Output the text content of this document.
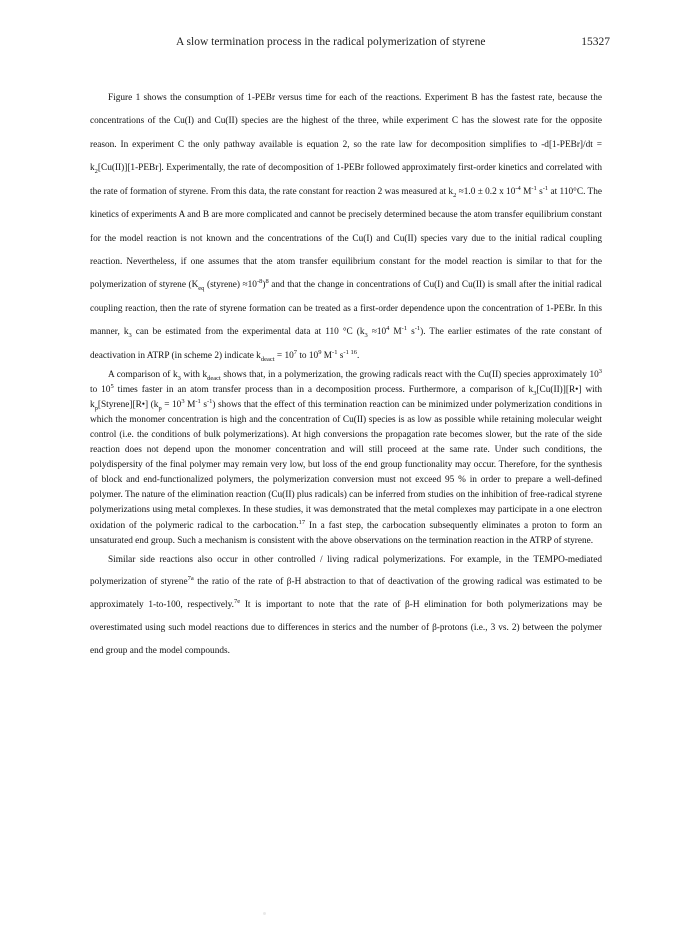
A slow termination process in the radical polymerization of styrene	15327

Figure 1 shows the consumption of 1-PEBr versus time for each of the reactions. Experiment B has the fastest rate, because the concentrations of the Cu(I) and Cu(II) species are the highest of the three, while experiment C has the slowest rate for the opposite reason. In experiment C the only pathway available is equation 2, so the rate law for decomposition simplifies to -d[1-PEBr]/dt = $k_2[Cu(II)][1-PEBr]$. Experimentally, the rate of decomposition of 1-PEBr followed approximately first-order kinetics and correlated with the rate of formation of styrene. From this data, the rate constant for reaction 2 was measured at $k_2 \approx 1.0 \pm 0.2$ x $10^{-4}$ $M^{-1}$ $s^{-1}$ at 110°C. The kinetics of experiments A and B are more complicated and cannot be precisely determined because the atom transfer equilibrium constant for the model reaction is not known and the concentrations of the Cu(I) and Cu(II) species vary due to the initial radical coupling reaction. Nevertheless, if one assumes that the atom transfer equilibrium constant for the model reaction is similar to that for the polymerization of styrene ($K_{eq}$ (styrene) $\approx 10^{-8})^8$ and that the change in concentrations of Cu(I) and Cu(II) is small after the initial radical coupling reaction, then the rate of styrene formation can be treated as a first-order dependence upon the concentration of 1-PEBr. In this manner, $k_3$ can be estimated from the experimental data at 110 °C ($k_3 \approx 10^4$ $M^{-1}$ $s^{-1}$). The earlier estimates of the rate constant of deactivation in ATRP (in scheme 2) indicate $k_{deact} = 10^7$ to $10^9$ $M^{-1}$ $s^{-1 16}$.

A comparison of $k_3$ with $k_{deact}$ shows that, in a polymerization, the growing radicals react with the Cu(II) species approximately $10^3$ to $10^5$ times faster in an atom transfer process than in a decomposition process. Furthermore, a comparison of $k_3[Cu(II)][R•]$ with $k_p[Styrene][R•] (k_p = 10^3$ $M^{-1}$ $s^{-1}$) shows that the effect of this termination reaction can be minimized under polymerization conditions in which the monomer concentration is high and the concentration of Cu(II) species is as low as possible while retaining molecular weight control (i.e. the conditions of bulk polymerizations). At high conversions the propagation rate becomes slower, but the rate of the side reaction does not depend upon the monomer concentration and will still proceed at the same rate. Under such conditions, the polydispersity of the final polymer may remain very low, but loss of the end group functionality may occur. Therefore, for the synthesis of block and end-functionalized polymers, the polymerization conversion must not exceed 95 % in order to prepare a well-defined polymer. The nature of the elimination reaction (Cu(II) plus radicals) can be inferred from studies on the inhibition of free-radical styrene polymerizations using metal complexes. In these studies, it was demonstrated that the metal complexes may participate in a one electron oxidation of the polymeric radical to the carbocation.$^{17}$ In a fast step, the carbocation subsequently eliminates a proton to form an unsaturated end group. Such a mechanism is consistent with the above observations on the termination reaction in the ATRP of styrene.

Similar side reactions also occur in other controlled / living radical polymerizations. For example, in the TEMPO-mediated polymerization of styrene$^{7a}$ the ratio of the rate of β-H abstraction to that of deactivation of the growing radical was estimated to be approximately 1-to-100, respectively.$^{7e}$ It is important to note that the rate of β-H elimination for both polymerizations may be overestimated using such model reactions due to differences in sterics and the number of β-protons (i.e., 3 vs. 2) between the polymer end group and the model compounds.
